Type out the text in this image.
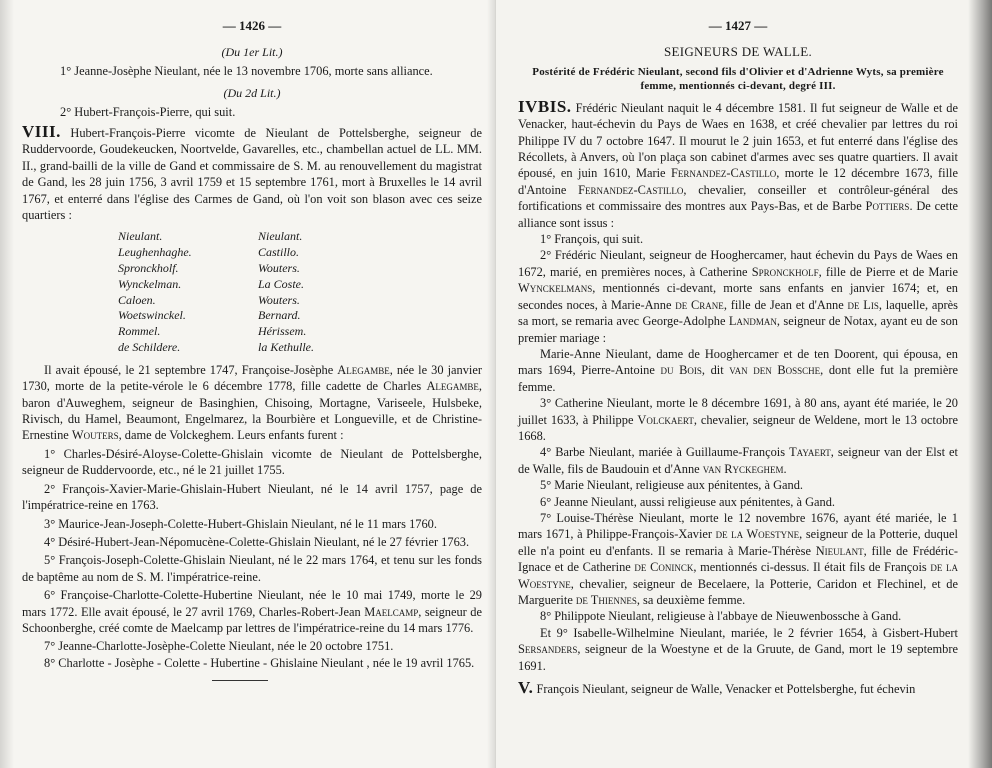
— 1426 —
(Du 1er Lit.)

1° Jeanne-Josèphe Nieulant, née le 13 novembre 1706, morte sans alliance.

(Du 2d Lit.)

2° Hubert-François-Pierre, qui suit.

VIII. Hubert-François-Pierre vicomte de Nieulant de Pottelsberghe, seigneur de Ruddervoorde, Goudekeucken, Noortvelde, Gavarelles, etc., chambellan actuel de LL. MM. II., grand-bailli de la ville de Gand et commissaire de S. M. au renouvellement du magistrat de Gand, les 28 juin 1756, 3 avril 1759 et 15 septembre 1761, mort à Bruxelles le 14 avril 1767, et enterré dans l'église des Carmes de Gand, où l'on voit son blason avec ces seize quartiers :

Nieulant.	Nieulant.
Leughenhaghe.	Castillo.
Spronckholf.	Wouters.
Wynckelman.	La Coste.
Caloen.	Wouters.
Woetswinckel.	Bernard.
Rommel.	Hérissem.
de Schildere.	la Kethulle.

Il avait épousé, le 21 septembre 1747, Françoise-Josèphe Alegambe, née le 30 janvier 1730, morte de la petite-vérole le 6 décembre 1778, fille cadette de Charles Alegambe, baron d'Auweghem, seigneur de Basinghien, Chisoing, Mortagne, Variseele, Hulsbeke, Rivisch, du Hamel, Beaumont, Engelmarez, la Bourbière et Longueville, et de Christine-Ernestine Wouters, dame de Volckeghem. Leurs enfants furent :

1° Charles-Désiré-Aloyse-Colette-Ghislain vicomte de Nieulant de Pottelsberghe, seigneur de Ruddervoorde, etc., né le 21 juillet 1755.

2° François-Xavier-Marie-Ghislain-Hubert Nieulant, né le 14 avril 1757, page de l'impératrice-reine en 1763.

3° Maurice-Jean-Joseph-Colette-Hubert-Ghislain Nieulant, né le 11 mars 1760.

4° Désiré-Hubert-Jean-Népomucène-Colette-Ghislain Nieulant, né le 27 février 1763.

5° François-Joseph-Colette-Ghislain Nieulant, né le 22 mars 1764, et tenu sur les fonds de baptême au nom de S. M. l'impératrice-reine.

6° Françoise-Charlotte-Colette-Hubertine Nieulant, née le 10 mai 1749, morte le 29 mars 1772. Elle avait épousé, le 27 avril 1769, Charles-Robert-Jean Maelcamp, seigneur de Schoonberghe, créé comte de Maelcamp par lettres de l'impératrice-reine du 14 mars 1776.

7° Jeanne-Charlotte-Josèphe-Colette Nieulant, née le 20 octobre 1751.

8° Charlotte - Josèphe - Colette - Hubertine - Ghislaine Nieulant , née le 19 avril 1765.

— 1427 —
SEIGNEURS DE WALLE.
Postérité de Frédéric Nieulant, second fils d'Olivier et d'Adrienne Wyts, sa première femme, mentionnés ci-devant, degré III.

IVBIS. Frédéric Nieulant naquit le 4 décembre 1581. Il fut seigneur de Walle et de Venacker, haut-échevin du Pays de Waes en 1638, et créé chevalier par lettres du roi Philippe IV du 7 octobre 1647. Il mourut le 2 juin 1653, et fut enterré dans l'église des Récollets, à Anvers, où l'on plaça son cabinet d'armes avec ses quatre quartiers. Il avait épousé, en juin 1610, Marie Fernandez-Castillo, morte le 12 décembre 1673, fille d'Antoine Fernandez-Castillo, chevalier, conseiller et contrôleur-général des fortifications et commissaire des montres aux Pays-Bas, et de Barbe Pottiers. De cette alliance sont issus :

1° François, qui suit.

2° Frédéric Nieulant, seigneur de Hooghercamer, haut échevin du Pays de Waes en 1672, marié, en premières noces, à Catherine Spronckholf, fille de Pierre et de Marie Wynckelmans, mentionnés ci-devant, morte sans enfants en janvier 1674; et, en secondes noces, à Marie-Anne de Crane, fille de Jean et d'Anne de Lis, laquelle, après sa mort, se remaria avec George-Adolphe Landman, seigneur de Notax, ayant eu de son premier mariage :

Marie-Anne Nieulant, dame de Hooghercamer et de ten Doorent, qui épousa, en mars 1694, Pierre-Antoine du Bois, dit van den Bossche, dont elle fut la première femme.

3° Catherine Nieulant, morte le 8 décembre 1691, à 80 ans, ayant été mariée, le 20 juillet 1633, à Philippe Volckaert, chevalier, seigneur de Weldene, mort le 13 octobre 1668.

4° Barbe Nieulant, mariée à Guillaume-François Tayaert, seigneur van der Elst et de Walle, fils de Baudouin et d'Anne van Ryckeghem.

5° Marie Nieulant, religieuse aux pénitentes, à Gand.

6° Jeanne Nieulant, aussi religieuse aux pénitentes, à Gand.

7° Louise-Thérèse Nieulant, morte le 12 novembre 1676, ayant été mariée, le 1 mars 1671, à Philippe-François-Xavier de la Woestyne, seigneur de la Potterie, duquel elle n'a point eu d'enfants. Il se remaria à Marie-Thérèse Nieulant, fille de Frédéric-Ignace et de Catherine de Coninck, mentionnés ci-dessus. Il était fils de François de la Woestyne, chevalier, seigneur de Becelaere, la Potterie, Caridon et Flechinel, et de Marguerite de Thiennes, sa deuxième femme.

8° Philippote Nieulant, religieuse à l'abbaye de Nieuwenbossche à Gand.

Et 9° Isabelle-Wilhelmine Nieulant, mariée, le 2 février 1654, à Gisbert-Hubert Sersanders, seigneur de la Woestyne et de la Gruute, de Gand, mort le 19 septembre 1691.

V. François Nieulant, seigneur de Walle, Venacker et Pottelsberghe, fut échevin
